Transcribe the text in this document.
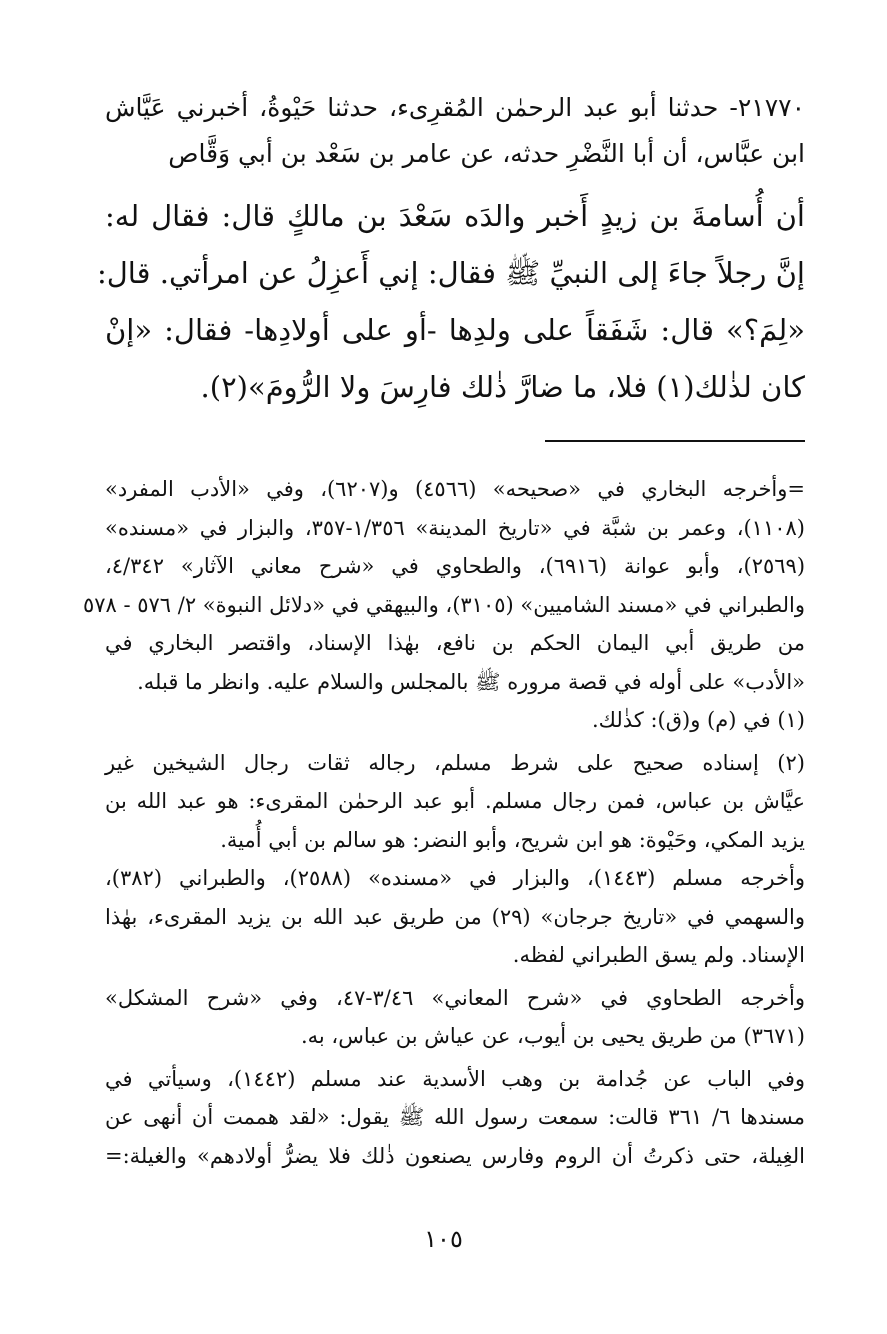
٢١٧٧٠- حدثنا أبو عبد الرحمٰن المُقرِىء، حدثنا حَيْوةُ، أخبرني عَيَّاش
ابن عبَّاس، أن أبا النَّضْرِ حدثه، عن عامر بن سَعْد بن أبي وَقَّاص
أن أُسامةَ بن زيدٍ أَخبر والدَه سَعْدَ بن مالكٍ قال: فقال له:
إنَّ رجلاً جاءَ إلى النبيِّ ﷺ فقال: إني أَعزِلُ عن امرأتي. قال:
«لِمَ؟» قال: شَفَقاً على ولدِها -أو على أولادِها- فقال: «إنْ
كان لذٰلك(١) فلا، ما ضارَّ ذٰلك فارِسَ ولا الرُّومَ»(٢).
=وأخرجه البخاري في «صحيحه» (٤٥٦٦) و(٦٢٠٧)، وفي «الأدب المفرد»
(١١٠٨)، وعمر بن شبَّة في «تاريخ المدينة» ١/٣٥٦-٣٥٧، والبزار في «مسنده»
(٢٥٦٩)، وأبو عوانة (٦٩١٦)، والطحاوي في «شرح معاني الآثار» ٤/٣٤٢،
والطبراني في «مسند الشاميين» (٣١٠٥)، والبيهقي في «دلائل النبوة» ٢/ ٥٧٦ - ٥٧٨
من طريق أبي اليمان الحكم بن نافع، بهٰذا الإسناد، واقتصر البخاري في
«الأدب» على أوله في قصة مروره ﷺ بالمجلس والسلام عليه. وانظر ما قبله.
(١) في (م) و(ق): كذٰلك.
(٢) إسناده صحيح على شرط مسلم، رجاله ثقات رجال الشيخين غير
عيَّاش بن عباس، فمن رجال مسلم. أبو عبد الرحمٰن المقرىء: هو عبد الله بن
يزيد المكي، وحَيْوة: هو ابن شريح، وأبو النضر: هو سالم بن أبي أُمية.
وأخرجه مسلم (١٤٤٣)، والبزار في «مسنده» (٢٥٨٨)، والطبراني (٣٨٢)،
والسهمي في «تاريخ جرجان» (٢٩) من طريق عبد الله بن يزيد المقرىء، بهٰذا
الإسناد. ولم يسق الطبراني لفظه.
وأخرجه الطحاوي في «شرح المعاني» ٣/٤٦-٤٧، وفي «شرح المشكل»
(٣٦٧١) من طريق يحيى بن أيوب، عن عياش بن عباس، به.
وفي الباب عن جُدامة بن وهب الأسدية عند مسلم (١٤٤٢)، وسيأتي في
مسندها ٦/ ٣٦١ قالت: سمعت رسول الله ﷺ يقول: «لقد هممت أن أنهى عن
الغِيلة، حتى ذكرتُ أن الروم وفارس يصنعون ذٰلك فلا يضرُّ أولادهم» والغيلة:=
١٠٥
